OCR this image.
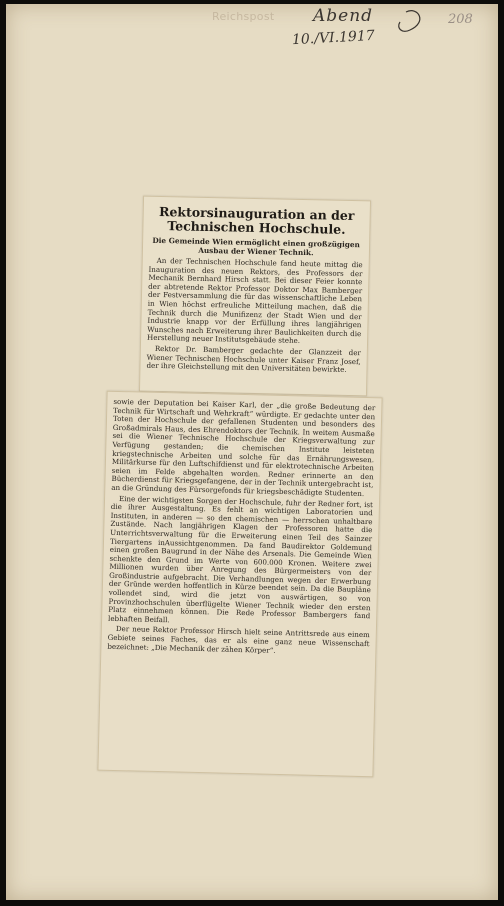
Reichspost Abend
10./VI.1917
208
Rektorsinauguration an der
Technischen Hochschule.
Die Gemeinde Wien ermöglicht einen großzügigen Ausbau der Wiener Technik.

An der Technischen Hochschule fand heute mittag die Inauguration des neuen Rektors, des Professors der Mechanik Bernhard Hirsch statt. Bei dieser Feier konnte der abtretende Rektor Professor Doktor Max Bamberger der Festversammlung die für das wissenschaftliche Leben in Wien höchst erfreuliche Mitteilung machen, daß die Technik durch die Munifizenz der Stadt Wien und der Industrie knapp vor der Erfüllung ihres langjährigen Wunsches nach Erweiterung ihrer Baulichkeiten durch die Herstellung neuer Institutsgebäude stehe.

Rektor Dr. Bamberger gedachte der Glanzzeit der Wiener Technischen Hochschule unter Kaiser Franz Josef, der ihre Gleichstellung mit den Universitäten bewirkte.

sowie der Deputation bei Kaiser Karl, der „die große Bedeutung der Technik für Wirtschaft und Wehrkraft“ würdigte. Er gedachte unter den Toten der Hochschule der gefallenen Studenten und besonders des Großadmirals Haus, des Ehrendoktors der Technik. In weitem Ausmaße sei die Wiener Technische Hochschule der Kriegsverwaltung zur Verfügung gestanden; die chemischen Institute leisteten kriegstechnische Arbeiten und solche für das Ernährungswesen. Militärkurse für den Luftschifdienst und für elektrotechnische Arbeiten seien im Felde abgehalten worden. Redner erinnerte an den Bücherdienst für Kriegsgefangene, der in der Technik untergebracht ist, an die Gründung des Fürsorgefonds für kriegsbeschädigte Studenten.

Eine der wichtigsten Sorgen der Hochschule, fuhr der Redner fort, ist die ihrer Ausgestaltung. Es fehlt an wichtigen Laboratorien und Instituten, in anderen — so den chemischen — herrschen unhaltbare Zustände. Nach langjährigen Klagen der Professoren hatte die Unterrichtsverwaltung für die Erweiterung einen Teil des Sainzer Tiergartens inAussichtgenommen. Da fand Baudirektor Goldemund einen großen Baugrund in der Nähe des Arsenals. Die Gemeinde Wien schenkte den Grund im Werte von 600.000 Kronen. Weitere zwei Millionen wurden über Anregung des Bürgermeisters von der Großindustrie aufgebracht. Die Verhandlungen wegen der Erwerbung der Gründe werden hoffentlich in Kürze beendet sein. Da die Baupläne vollendet sind, wird die jetzt von auswärtigen, so von Provinzhochschulen überflügelte Wiener Technik wieder den ersten Platz einnehmen können. Die Rede Professor Bambergers fand lebhaften Beifall.

Der neue Rektor Professor Hirsch hielt seine Antrittsrede aus einem Gebiete seines Faches, das er als eine ganz neue Wissenschaft bezeichnet: „Die Mechanik der zähen Körper“.
